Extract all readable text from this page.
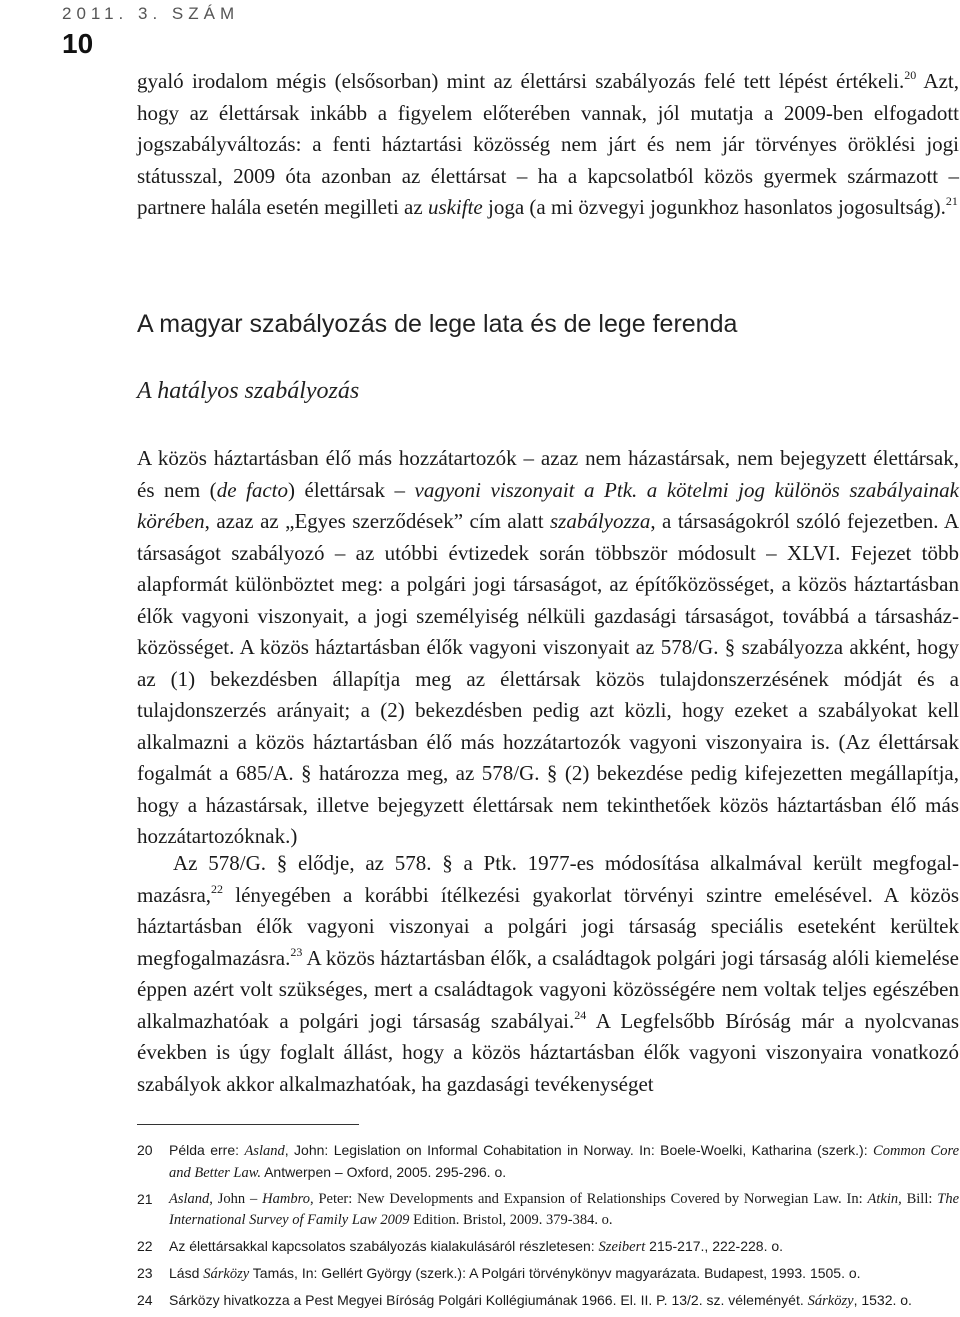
2011. 3. SZÁM
10
gyaló irodalom mégis (elsősorban) mint az élettársi szabályozás felé tett lépést értékeli.$^{20}$ Azt, hogy az élettársak inkább a figyelem előterében vannak, jól mutatja a 2009-ben elfogadott jogszabályváltozás: a fenti háztartási közösség nem járt és nem jár törvényes öröklési jogi státusszal, 2009 óta azonban az élettársat – ha a kapcsolatból közös gyermek származott – partnere halála esetén megilleti az uskifte joga (a mi özvegyi jogunkhoz hasonlatos jogosultság).$^{21}$
A magyar szabályozás de lege lata és de lege ferenda
A hatályos szabályozás
A közös háztartásban élő más hozzátartozók – azaz nem házastársak, nem bejegyzett élettársak, és nem (de facto) élettársak – vagyoni viszonyait a Ptk. a kötelmi jog különös szabályainak körében, azaz az „Egyes szerződések” cím alatt szabályozza, a társaságokról szóló fejezetben. A társaságot szabályozó – az utóbbi évtizedek során többször módosult – XLVI. Fejezet több alapformát különböztet meg: a polgári jogi társaságot, az építőközösséget, a közös háztartásban élők vagyoni viszonyait, a jogi személyiség nélküli gazdasági társaságot, továbbá a társasház-közösséget. A közös háztartásban élők vagyoni viszonyait az 578/G. § szabályozza akként, hogy az (1) bekezdésben állapítja meg az élettársak közös tulajdonszerzésének módját és a tulajdonszerzés arányait; a (2) bekezdésben pedig azt közli, hogy ezeket a szabályokat kell alkalmazni a közös háztartásban élő más hozzátartozók vagyoni viszonyaira is. (Az élettársak fogalmát a 685/A. § határozza meg, az 578/G. § (2) bekezdése pedig kifejezetten megállapítja, hogy a házastársak, illetve bejegyzett élettársak nem tekinthetőek közös háztartásban élő más hozzátartozóknak.)
Az 578/G. § elődje, az 578. § a Ptk. 1977-es módosítása alkalmával került megfogalmazásra,$^{22}$ lényegében a korábbi ítélkezési gyakorlat törvényi szintre emelésével. A közös háztartásban élők vagyoni viszonyai a polgári jogi társaság speciális eseteként kerültek megfogalmazásra.$^{23}$ A közös háztartásban élők, a családtagok polgári jogi társaság alóli kiemelése éppen azért volt szükséges, mert a családtagok vagyoni közösségére nem voltak teljes egészében alkalmazhatóak a polgári jogi társaság szabályai.$^{24}$ A Legfelsőbb Bíróság már a nyolcvanas években is úgy foglalt állást, hogy a közös háztartásban élők vagyoni viszonyaira vonatkozó szabályok akkor alkalmazhatóak, ha gazdasági tevékenységet
20	Példa erre: Asland, John: Legislation on Informal Cohabitation in Norway. In: Boele-Woelki, Katharina (szerk.): Common Core and Better Law. Antwerpen – Oxford, 2005. 295-296. o.
21	Asland, John – Hambro, Peter: New Developments and Expansion of Relationships Covered by Norwegian Law. In: Atkin, Bill: The International Survey of Family Law 2009 Edition. Bristol, 2009. 379-384. o.
22	Az élettársakkal kapcsolatos szabályozás kialakulásáról részletesen: Szeibert 215-217., 222-228. o.
23	Lásd Sárközy Tamás, In: Gellért György (szerk.): A Polgári törvénykönyv magyarázata. Budapest, 1993. 1505. o.
24	Sárközy hivatkozza a Pest Megyei Bíróság Polgári Kollégiumának 1966. El. II. P. 13/2. sz. véleményét. Sárközy, 1532. o.
